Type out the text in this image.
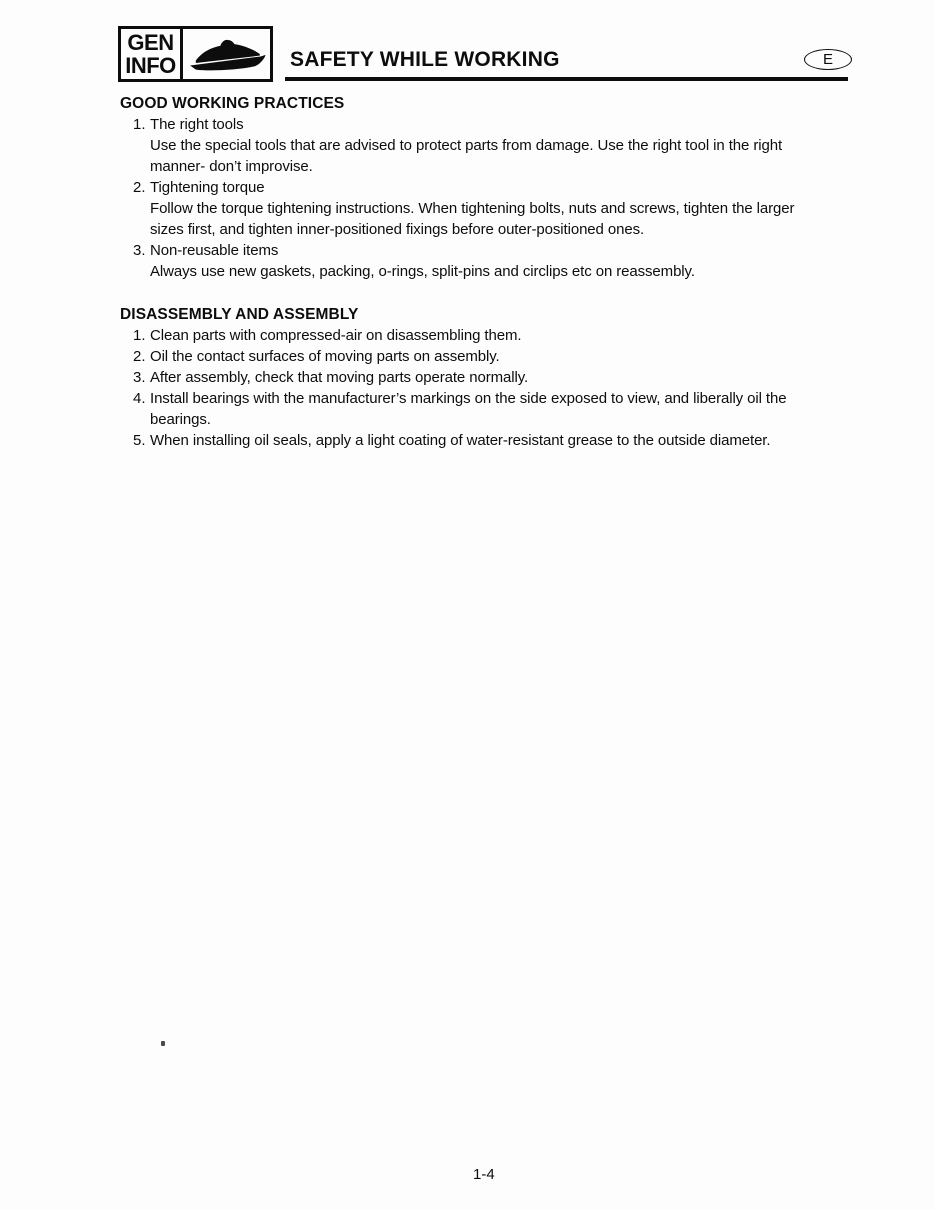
GEN
INFO	SAFETY WHILE WORKING	E
GOOD WORKING PRACTICES
1. The right tools
Use the special tools that are advised to protect parts from damage. Use the right tool in the right
manner- don’t improvise.
2. Tightening torque
Follow the torque tightening instructions. When tightening bolts, nuts and screws, tighten the larger
sizes first, and tighten inner-positioned fixings before outer-positioned ones.
3. Non-reusable items
Always use new gaskets, packing, o-rings, split-pins and circlips etc on reassembly.
DISASSEMBLY AND ASSEMBLY
1. Clean parts with compressed-air on disassembling them.
2. Oil the contact surfaces of moving parts on assembly.
3. After assembly, check that moving parts operate normally.
4. Install bearings with the manufacturer’s markings on the side exposed to view, and liberally oil the
bearings.
5. When installing oil seals, apply a light coating of water-resistant grease to the outside diameter.
1-4
